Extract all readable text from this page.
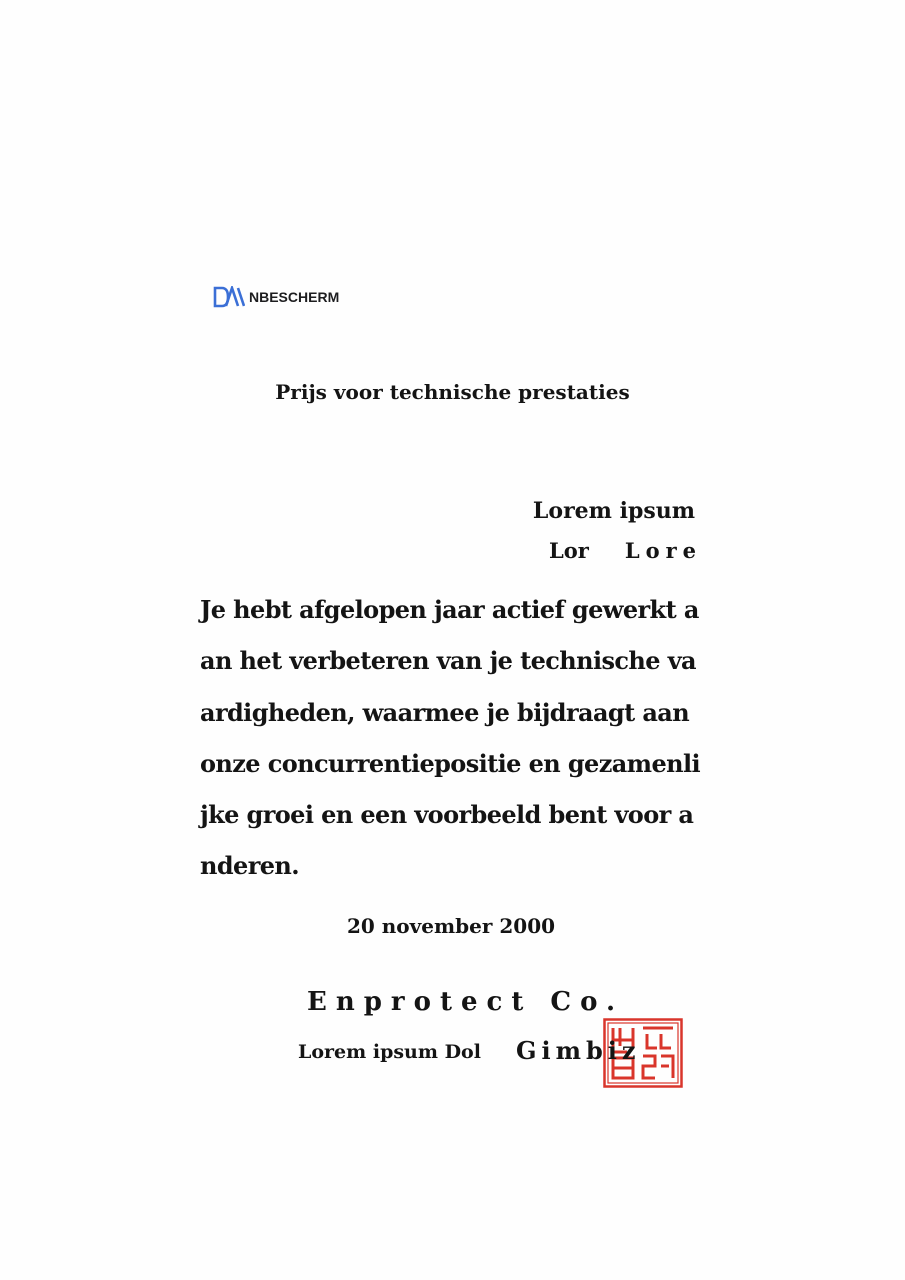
NBESCHERM
Prijs voor technische prestaties
Lorem ipsum
Lor Lore
Je hebt afgelopen jaar actief gewerkt aan het verbeteren van je technische vaardigheden, waarmee je bijdraagt aan onze concurrentiepositie en gezamenlijke groei en een voorbeeld bent voor anderen.
20 november 2000
Enprotect Co.
Lorem ipsum Dol Gimbiz
